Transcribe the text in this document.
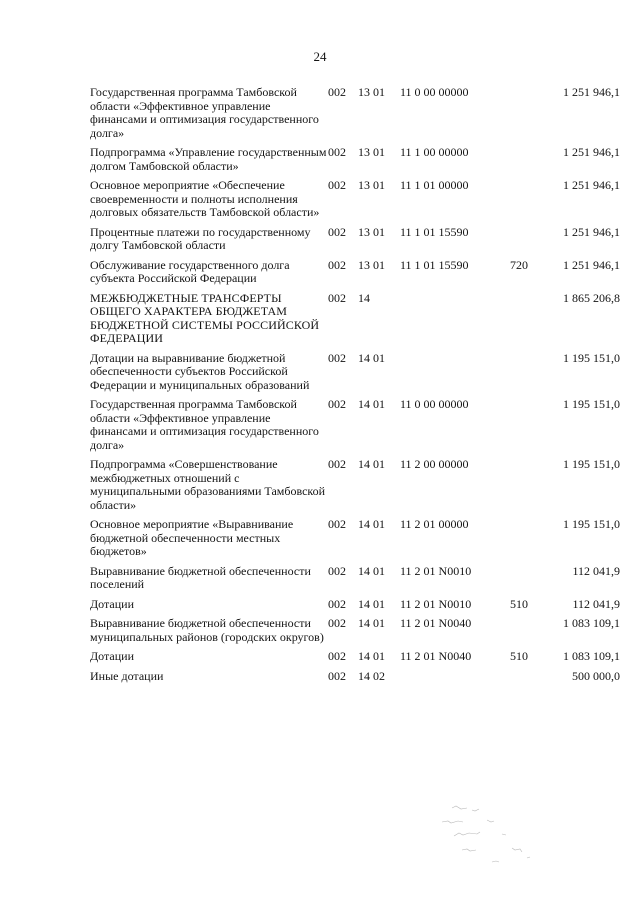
24
Государственная программа Тамбовской области «Эффективное управление финансами и оптимизация государственного долга»	002	13 01	11 0 00 00000		1 251 946,1
Подпрограмма «Управление государственным долгом Тамбовской области»	002	13 01	11 1 00 00000		1 251 946,1
Основное мероприятие «Обеспечение своевременности и полноты исполнения долговых обязательств Тамбовской области»	002	13 01	11 1 01 00000		1 251 946,1
Процентные платежи по государственному долгу Тамбовской области	002	13 01	11 1 01 15590		1 251 946,1
Обслуживание государственного долга субъекта Российской Федерации	002	13 01	11 1 01 15590	720	1 251 946,1
МЕЖБЮДЖЕТНЫЕ ТРАНСФЕРТЫ ОБЩЕГО ХАРАКТЕРА БЮДЖЕТАМ БЮДЖЕТНОЙ СИСТЕМЫ РОССИЙСКОЙ ФЕДЕРАЦИИ	002	14			1 865 206,8
Дотации на выравнивание бюджетной обеспеченности субъектов Российской Федерации и муниципальных образований	002	14 01			1 195 151,0
Государственная программа Тамбовской области «Эффективное управление финансами и оптимизация государственного долга»	002	14 01	11 0 00 00000		1 195 151,0
Подпрограмма «Совершенствование межбюджетных отношений с муниципальными образованиями Тамбовской области»	002	14 01	11 2 00 00000		1 195 151,0
Основное мероприятие «Выравнивание бюджетной обеспеченности местных бюджетов»	002	14 01	11 2 01 00000		1 195 151,0
Выравнивание бюджетной обеспеченности поселений	002	14 01	11 2 01 N0010		112 041,9
Дотации	002	14 01	11 2 01 N0010	510	112 041,9
Выравнивание бюджетной обеспеченности муниципальных районов (городских округов)	002	14 01	11 2 01 N0040		1 083 109,1
Дотации	002	14 01	11 2 01 N0040	510	1 083 109,1
Иные дотации	002	14 02			500 000,0
